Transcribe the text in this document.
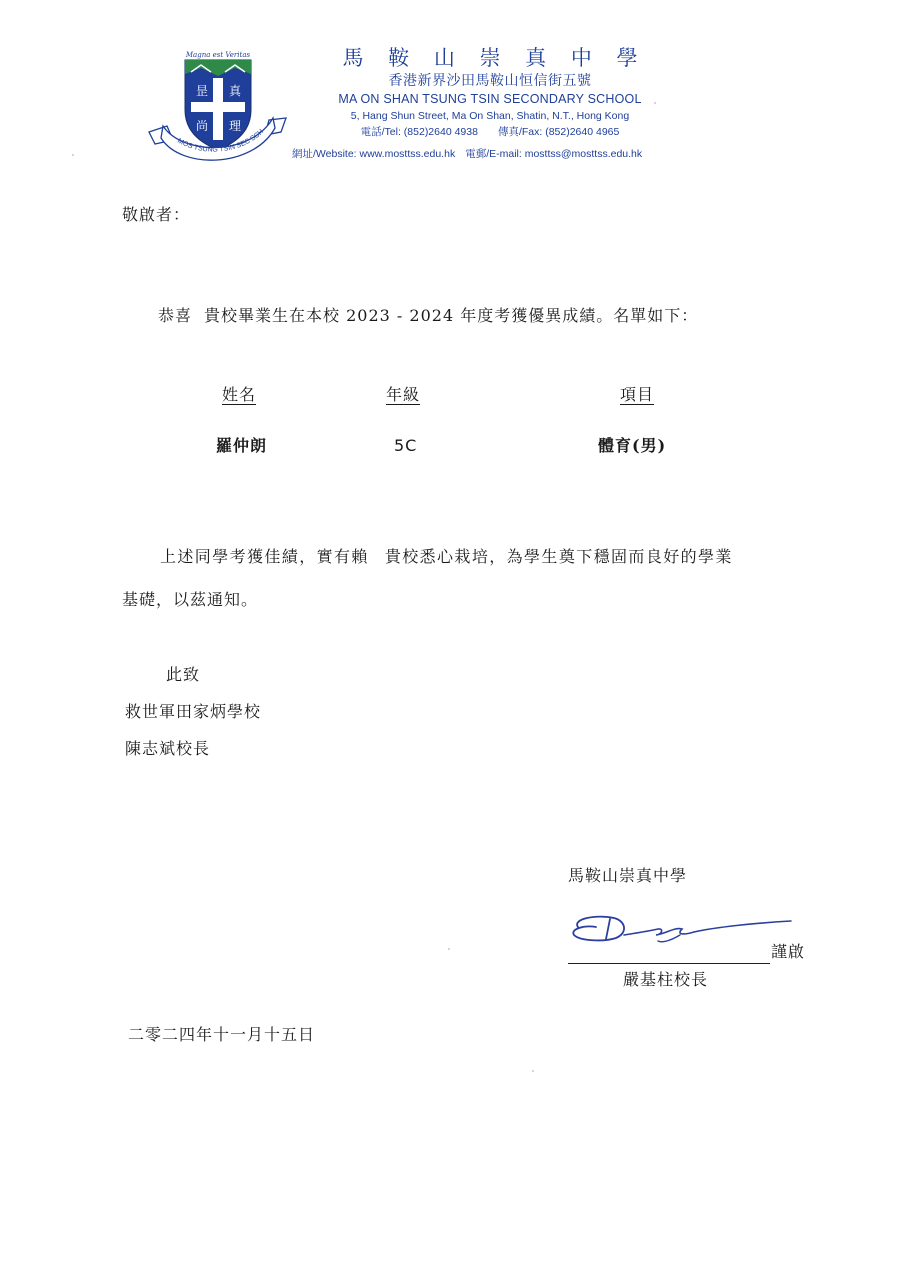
Magna est Veritas
昰 真
尚 理
MOS TSUNG TSIN SEC SCH
馬 鞍 山 崇 真 中 學
香港新界沙田馬鞍山恒信街五號
MA ON SHAN TSUNG TSIN SECONDARY SCHOOL
5, Hang Shun Street, Ma On Shan, Shatin, N.T., Hong Kong
電話/Tel: (852)2640 4938 傳真/Fax: (852)2640 4965
網址/Website: www.mosttss.edu.hk 電郵/E-mail: mosttss@mosttss.edu.hk
敬啟者：
恭喜 貴校畢業生在本校 2023 - 2024 年度考獲優異成績。名單如下：
姓名	年級	項目
羅仲朗	5C	體育(男)
上述同學考獲佳績，實有賴 貴校悉心栽培，為學生奠下穩固而良好的學業
基礎，以茲通知。
此致
救世軍田家炳學校
陳志斌校長
馬鞍山崇真中學
謹啟
嚴基柱校長
二零二四年十一月十五日
